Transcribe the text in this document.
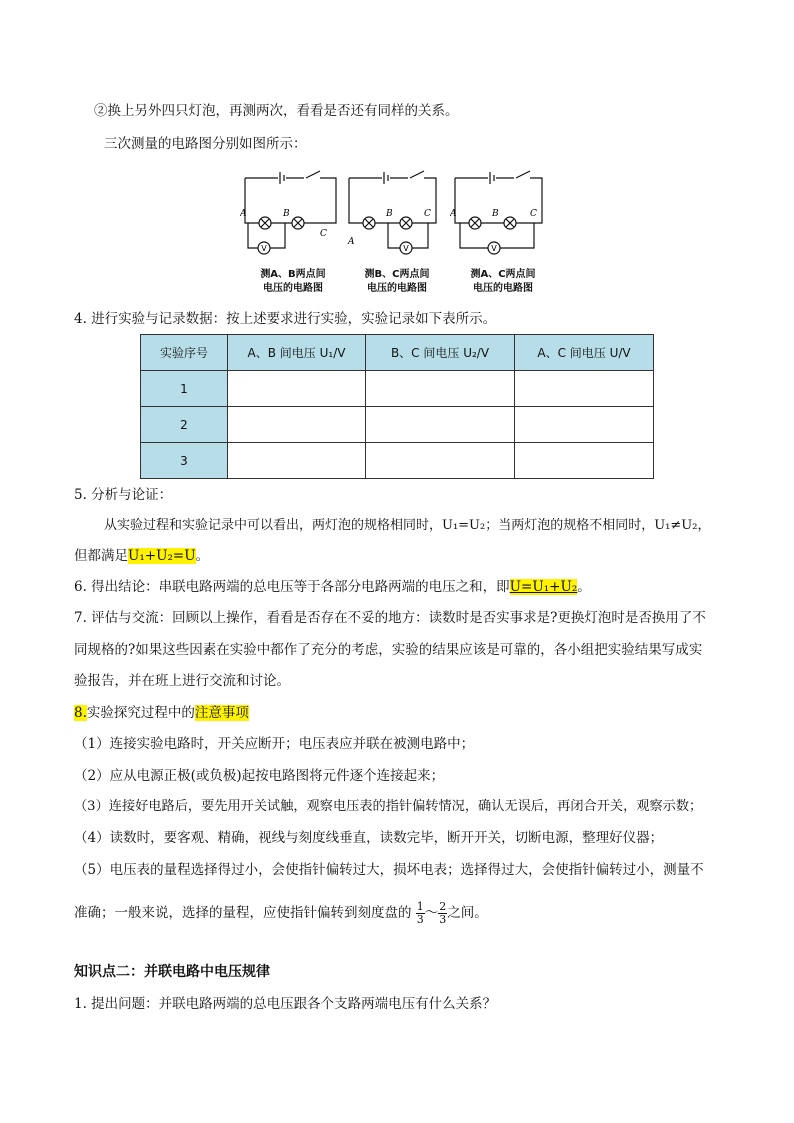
②换上另外四只灯泡，再测两次，看看是否还有同样的关系。
三次测量的电路图分别如图所示：
V
A	B
C
测A、B两点间
电压的电路图
V
A
B	C
测B、C两点间
电压的电路图
V
A	B	C
测A、C两点间
电压的电路图
4. 进行实验与记录数据：按上述要求进行实验，实验记录如下表所示。
实验序号	A、B 间电压 U₁/V	B、C 间电压 U₂/V	A、C 间电压 U/V
1			
2			
3			
5. 分析与论证：
从实验过程和实验记录中可以看出，两灯泡的规格相同时，U₁=U₂；当两灯泡的规格不相同时，U₁≠U₂，
但都满足U₁+U₂=U。
6. 得出结论：串联电路两端的总电压等于各部分电路两端的电压之和，即U=U₁+U₂。
7. 评估与交流：回顾以上操作，看看是否存在不妥的地方：读数时是否实事求是?更换灯泡时是否换用了不
同规格的?如果这些因素在实验中都作了充分的考虑，实验的结果应该是可靠的，各小组把实验结果写成实
验报告，并在班上进行交流和讨论。
8.实验探究过程中的注意事项
（1）连接实验电路时，开关应断开；电压表应并联在被测电路中；
（2）应从电源正极(或负极)起按电路图将元件逐个连接起来；
（3）连接好电路后，要先用开关试触，观察电压表的指针偏转情况，确认无误后，再闭合开关，观察示数；
（4）读数时，要客观、精确，视线与刻度线垂直，读数完毕，断开开关，切断电源，整理好仪器；
（5）电压表的量程选择得过小，会使指针偏转过大，损坏电表；选择得过大，会使指针偏转过小，测量不
准确；一般来说，选择的量程，应使指针偏转到刻度盘的 $\frac{1}{3}$ ～ $\frac{2}{3}$ 之间。
知识点二：并联电路中电压规律
1. 提出问题：并联电路两端的总电压跟各个支路两端电压有什么关系？
